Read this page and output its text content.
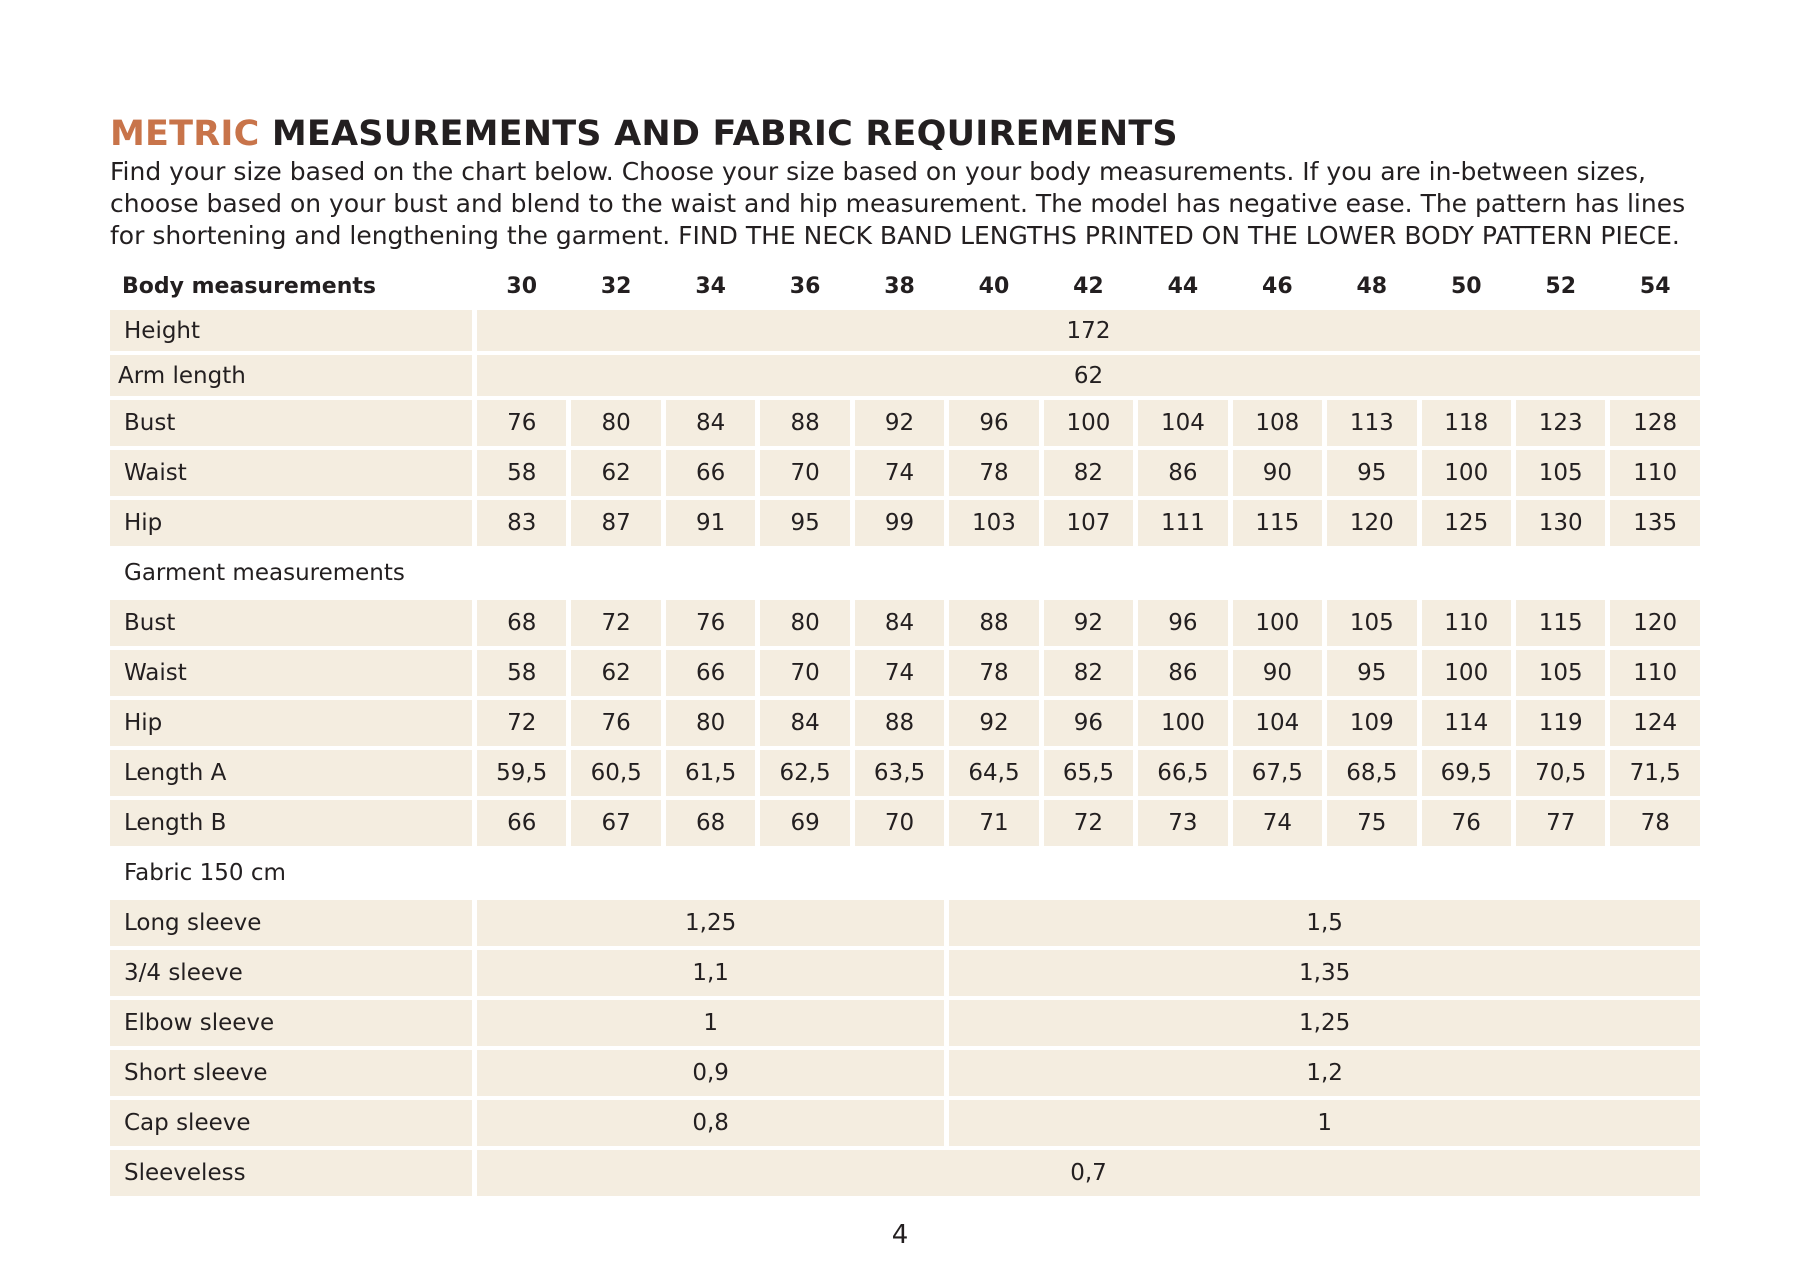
METRIC MEASUREMENTS AND FABRIC REQUIREMENTS

Find your size based on the chart below. Choose your size based on your body measurements. If you are in-between sizes, choose based on your bust and blend to the waist and hip measurement. The model has negative ease. The pattern has lines for shortening and lengthening the garment. FIND THE NECK BAND LENGTHS PRINTED ON THE LOWER BODY PATTERN PIECE.

Body measurements	30	32	34	36	38	40	42	44	46	48	50	52	54
Height	172												
Arm length	62												
Bust	76	80	84	88	92	96	100	104	108	113	118	123	128
Waist	58	62	66	70	74	78	82	86	90	95	100	105	110
Hip	83	87	91	95	99	103	107	111	115	120	125	130	135
Garment measurements													
Bust	68	72	76	80	84	88	92	96	100	105	110	115	120
Waist	58	62	66	70	74	78	82	86	90	95	100	105	110
Hip	72	76	80	84	88	92	96	100	104	109	114	119	124
Length A	59,5	60,5	61,5	62,5	63,5	64,5	65,5	66,5	67,5	68,5	69,5	70,5	71,5
Length B	66	67	68	69	70	71	72	73	74	75	76	77	78
Fabric 150 cm													
Long sleeve	1,25					1,5							
3/4 sleeve	1,1					1,35							
Elbow sleeve	1					1,25							
Short sleeve	0,9					1,2							
Cap sleeve	0,8					1							
Sleeveless	0,7												
4
